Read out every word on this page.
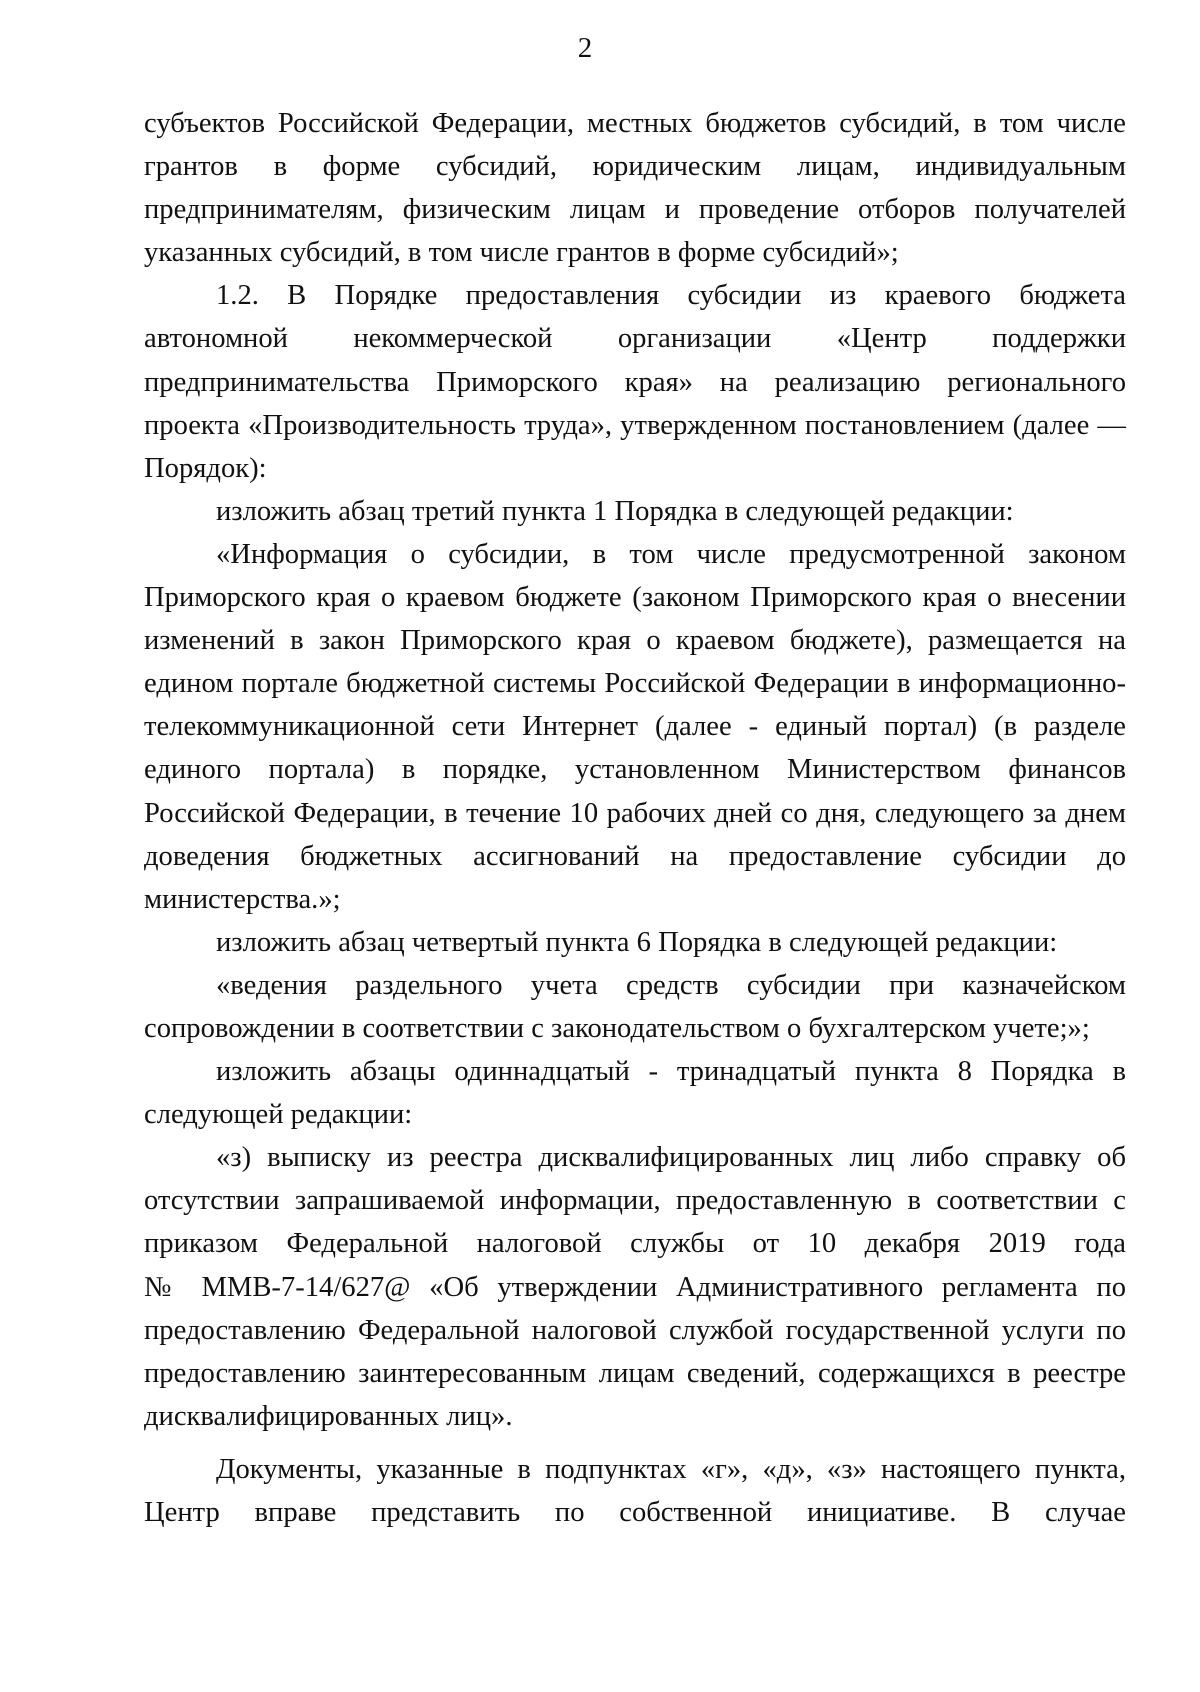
2

субъектов Российской Федерации, местных бюджетов субсидий, в том числе
грантов в форме субсидий, юридическим лицам, индивидуальным
предпринимателям, физическим лицам и проведение отборов получателей
указанных субсидий, в том числе грантов в форме субсидий»;

1.2. В Порядке предоставления субсидии из краевого бюджета
автономной некоммерческой организации «Центр поддержки
предпринимательства Приморского края» на реализацию регионального
проекта «Производительность труда», утвержденном постановлением (далее —
Порядок):

изложить абзац третий пункта 1 Порядка в следующей редакции:

«Информация о субсидии, в том числе предусмотренной законом
Приморского края о краевом бюджете (законом Приморского края о внесении
изменений в закон Приморского края о краевом бюджете), размещается на
едином портале бюджетной системы Российской Федерации в информационно-
телекоммуникационной сети Интернет (далее - единый портал) (в разделе
единого портала) в порядке, установленном Министерством финансов
Российской Федерации, в течение 10 рабочих дней со дня, следующего за днем
доведения бюджетных ассигнований на предоставление субсидии до
министерства.»;

изложить абзац четвертый пункта 6 Порядка в следующей редакции:

«ведения раздельного учета средств субсидии при казначейском
сопровождении в соответствии с законодательством о бухгалтерском учете;»;

изложить абзацы одиннадцатый - тринадцатый пункта 8 Порядка в
следующей редакции:

«з) выписку из реестра дисквалифицированных лиц либо справку об
отсутствии запрашиваемой информации, предоставленную в соответствии с
приказом Федеральной налоговой службы от 10 декабря 2019 года
№ ММВ-7-14/627@ «Об утверждении Административного регламента по
предоставлению Федеральной налоговой службой государственной услуги по
предоставлению заинтересованным лицам сведений, содержащихся в реестре
дисквалифицированных лиц».

Документы, указанные в подпунктах «г», «д», «з» настоящего пункта,
Центр вправе представить по собственной инициативе. В случае
